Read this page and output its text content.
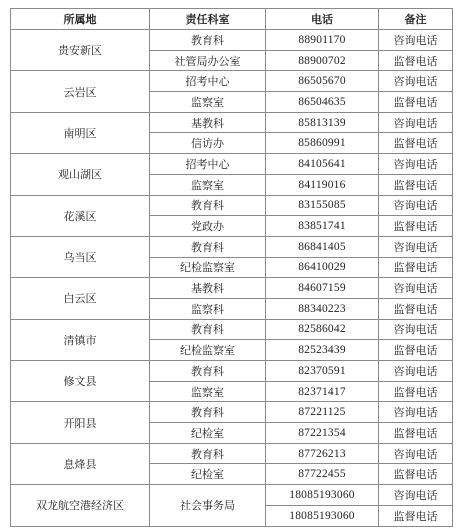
所属地	责任科室	电话	备注
贵安新区	教育科	88901170	咨询电话
	社管局办公室	88900702	监督电话
云岩区	招考中心	86505670	咨询电话
	监察室	86504635	监督电话
南明区	基教科	85813139	咨询电话
	信访办	85860991	监督电话
观山湖区	招考中心	84105641	咨询电话
	监察室	84119016	监督电话
花溪区	教育科	83155085	咨询电话
	党政办	83851741	监督电话
乌当区	教育科	86841405	咨询电话
	纪检监察室	86410029	监督电话
白云区	基教科	84607159	咨询电话
	监察科	88340223	监督电话
清镇市	教育科	82586042	咨询电话
	纪检监察室	82523439	监督电话
修文县	教育科	82370591	咨询电话
	监察室	82371417	监督电话
开阳县	教育科	87221125	咨询电话
	纪检室	87221354	监督电话
息烽县	教育科	87726213	咨询电话
	纪检室	87722455	监督电话
双龙航空港经济区	社会事务局	18085193060	咨询电话
		18085193060	监督电话
